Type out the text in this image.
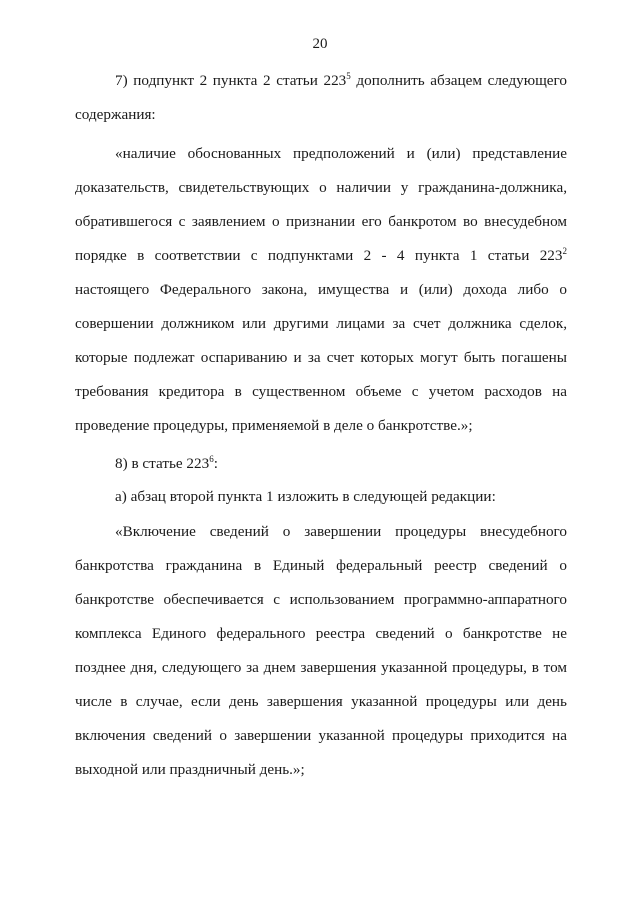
20
7) подпункт 2 пункта 2 статьи $223^5$ дополнить абзацем следующего
содержания:
«наличие обоснованных предположений и (или) представление
доказательств, свидетельствующих о наличии у гражданина-должника,
обратившегося с заявлением о признании его банкротом во внесудебном
порядке в соответствии с подпунктами 2 - 4 пункта 1 статьи $223^2$
настоящего Федерального закона, имущества и (или) дохода либо о
совершении должником или другими лицами за счет должника сделок,
которые подлежат оспариванию и за счет которых могут быть погашены
требования кредитора в существенном объеме с учетом расходов на
проведение процедуры, применяемой в деле о банкротстве.»;
8) в статье $223^6$:
а) абзац второй пункта 1 изложить в следующей редакции:
«Включение сведений о завершении процедуры внесудебного
банкротства гражданина в Единый федеральный реестр сведений о
банкротстве обеспечивается с использованием программно-аппаратного
комплекса Единого федерального реестра сведений о банкротстве не
позднее дня, следующего за днем завершения указанной процедуры, в том
числе в случае, если день завершения указанной процедуры или день
включения сведений о завершении указанной процедуры приходится на
выходной или праздничный день.»;
